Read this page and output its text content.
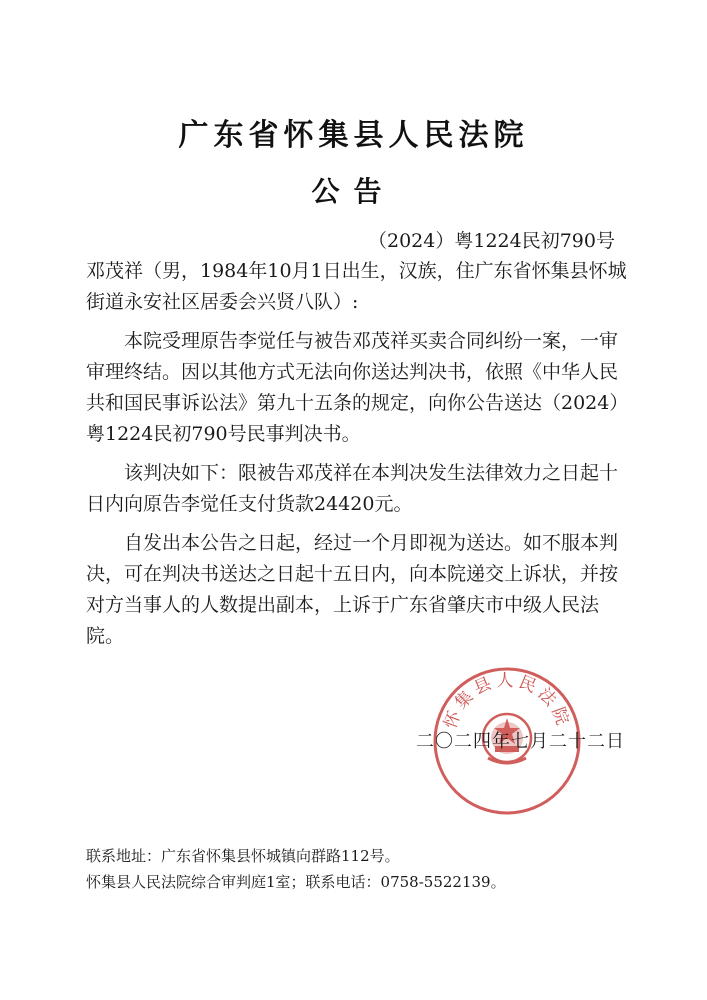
广东省怀集县人民法院
公告
（2024）粤1224民初790号

邓茂祥（男，1984年10月1日出生，汉族，住广东省怀集县怀城街道永安社区居委会兴贤八队）:

本院受理原告李觉任与被告邓茂祥买卖合同纠纷一案，一审审理终结。因以其他方式无法向你送达判决书，依照《中华人民共和国民事诉讼法》第九十五条的规定，向你公告送达（2024）粤1224民初790号民事判决书。

该判决如下：限被告邓茂祥在本判决发生法律效力之日起十日内向原告李觉任支付货款24420元。

自发出本公告之日起，经过一个月即视为送达。如不服本判决，可在判决书送达之日起十五日内，向本院递交上诉状，并按对方当事人的人数提出副本，上诉于广东省肇庆市中级人民法院。

怀集县人民法院
二〇二四年七月二十二日
联系地址：广东省怀集县怀城镇向群路112号。
怀集县人民法院综合审判庭1室；联系电话：0758-5522139。
